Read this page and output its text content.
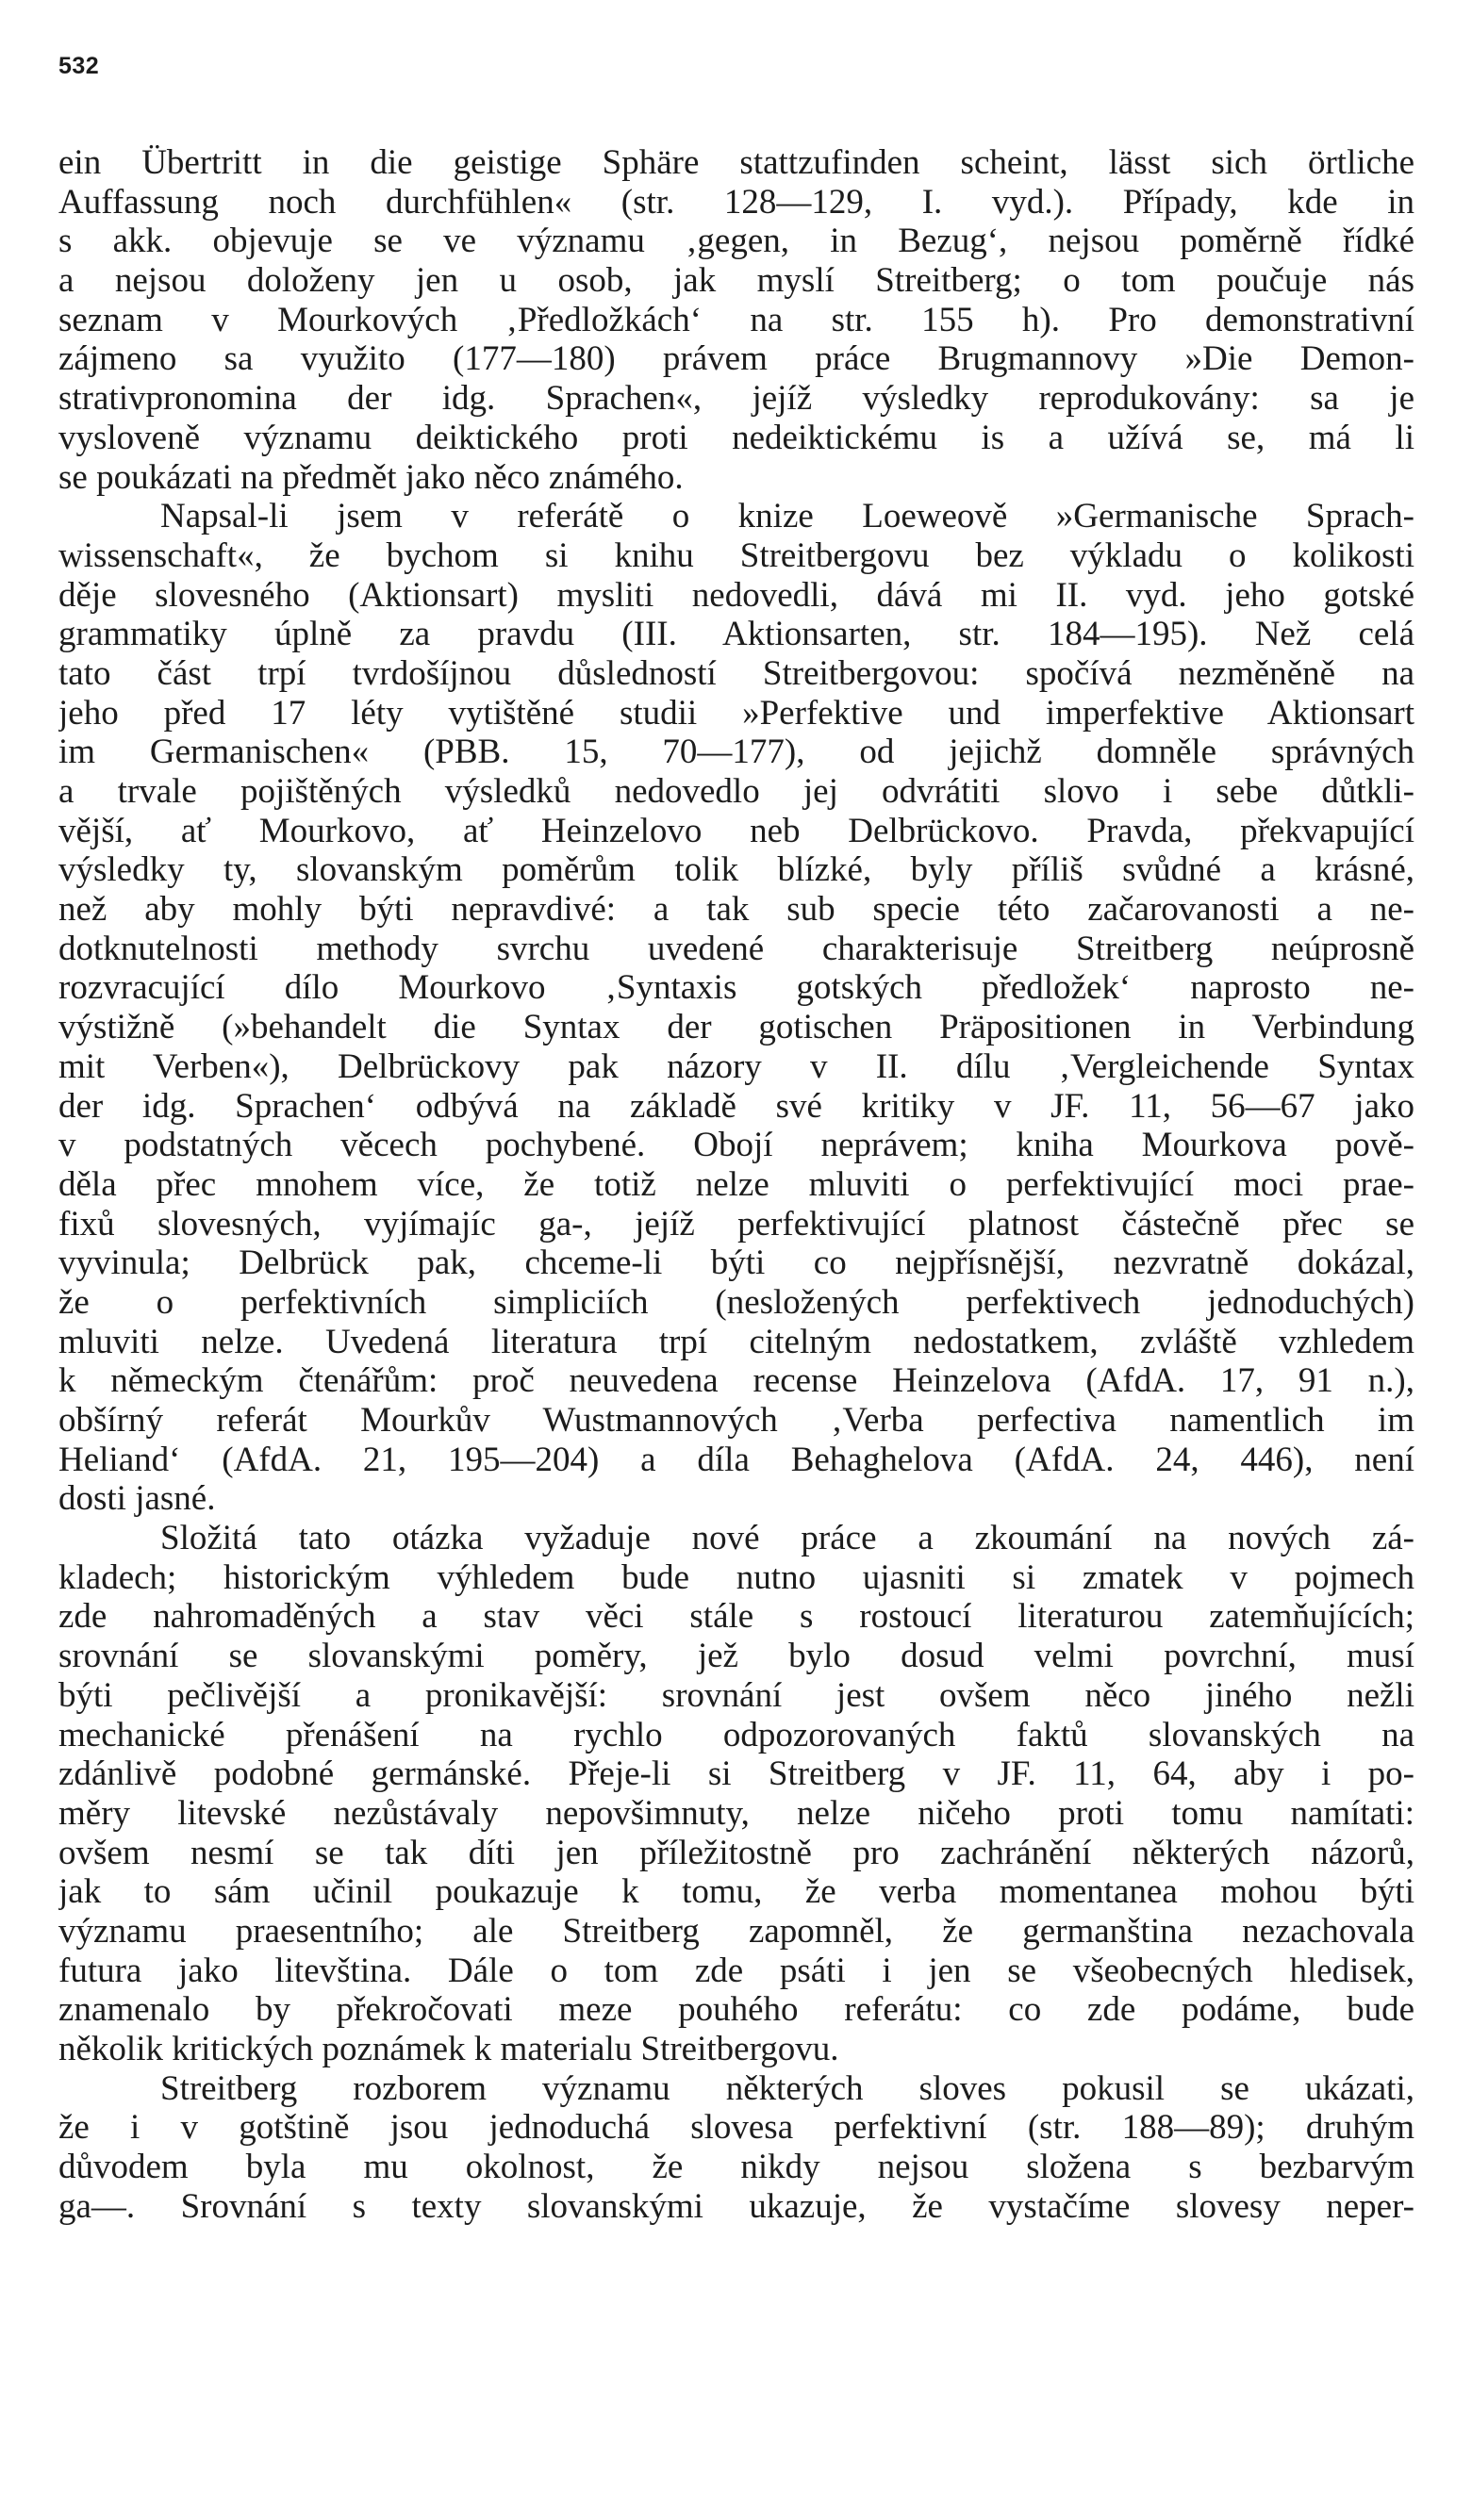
532
ein Übertritt in die geistige Sphäre stattzufinden scheint, lässt sich örtliche
Auffassung noch durchfühlen« (str. 128—129, I. vyd.). Případy, kde in
s akk. objevuje se ve významu ‚gegen, in Bezug‘, nejsou poměrně řídké
a nejsou doloženy jen u osob, jak myslí Streitberg; o tom poučuje nás
seznam v Mourkových ‚Předložkách‘ na str. 155 h). Pro demonstrativní
zájmeno sa využito (177—180) právem práce Brugmannovy »Die Demon-
strativpronomina der idg. Sprachen«, jejíž výsledky reprodukovány: sa je
vysloveně významu deiktického proti nedeiktickému is a užívá se, má li
se poukázati na předmět jako něco známého.
Napsal-li jsem v referátě o knize Loeweově »Germanische Sprach-
wissenschaft«, že bychom si knihu Streitbergovu bez výkladu o kolikosti
děje slovesného (Aktionsart) mysliti nedovedli, dává mi II. vyd. jeho gotské
grammatiky úplně za pravdu (III. Aktionsarten, str. 184—195). Než celá
tato část trpí tvrdošíjnou důsledností Streitbergovou: spočívá nezměněně na
jeho před 17 léty vytištěné studii »Perfektive und imperfektive Aktionsart
im Germanischen« (PBB. 15, 70—177), od jejichž domněle správných
a trvale pojištěných výsledků nedovedlo jej odvrátiti slovo i sebe důtkli-
vější, ať Mourkovo, ať Heinzelovo neb Delbrückovo. Pravda, překvapující
výsledky ty, slovanským poměrům tolik blízké, byly příliš svůdné a krásné,
než aby mohly býti nepravdivé: a tak sub specie této začarovanosti a ne-
dotknutelnosti methody svrchu uvedené charakterisuje Streitberg neúprosně
rozvracující dílo Mourkovo ‚Syntaxis gotských předložek‘ naprosto ne-
výstižně (»behandelt die Syntax der gotischen Präpositionen in Verbindung
mit Verben«), Delbrückovy pak názory v II. dílu ‚Vergleichende Syntax
der idg. Sprachen‘ odbývá na základě své kritiky v JF. 11, 56—67 jako
v podstatných věcech pochybené. Obojí neprávem; kniha Mourkova pově-
děla přec mnohem více, že totiž nelze mluviti o perfektivující moci prae-
fixů slovesných, vyjímajíc ga-, jejíž perfektivující platnost částečně přec se
vyvinula; Delbrück pak, chceme-li býti co nejpřísnější, nezvratně dokázal,
že o perfektivních simpliciích (nesložených perfektivech jednoduchých)
mluviti nelze. Uvedená literatura trpí citelným nedostatkem, zvláště vzhledem
k německým čtenářům: proč neuvedena recense Heinzelova (AfdA. 17, 91 n.),
obšírný referát Mourkův Wustmannových ‚Verba perfectiva namentlich im
Heliand‘ (AfdA. 21, 195—204) a díla Behaghelova (AfdA. 24, 446), není
dosti jasné.
Složitá tato otázka vyžaduje nové práce a zkoumání na nových zá-
kladech; historickým výhledem bude nutno ujasniti si zmatek v pojmech
zde nahromaděných a stav věci stále s rostoucí literaturou zatemňujících;
srovnání se slovanskými poměry, jež bylo dosud velmi povrchní, musí
býti pečlivější a pronikavější: srovnání jest ovšem něco jiného nežli
mechanické přenášení na rychlo odpozorovaných faktů slovanských na
zdánlivě podobné germánské. Přeje-li si Streitberg v JF. 11, 64, aby i po-
měry litevské nezůstávaly nepovšimnuty, nelze ničeho proti tomu namítati:
ovšem nesmí se tak díti jen příležitostně pro zachránění některých názorů,
jak to sám učinil poukazuje k tomu, že verba momentanea mohou býti
významu praesentního; ale Streitberg zapomněl, že germanština nezachovala
futura jako litevština. Dále o tom zde psáti i jen se všeobecných hledisek,
znamenalo by překročovati meze pouhého referátu: co zde podáme, bude
několik kritických poznámek k materialu Streitbergovu.
Streitberg rozborem významu některých sloves pokusil se ukázati,
že i v gotštině jsou jednoduchá slovesa perfektivní (str. 188—89); druhým
důvodem byla mu okolnost, že nikdy nejsou složena s bezbarvým
ga—. Srovnání s texty slovanskými ukazuje, že vystačíme slovesy neper-
